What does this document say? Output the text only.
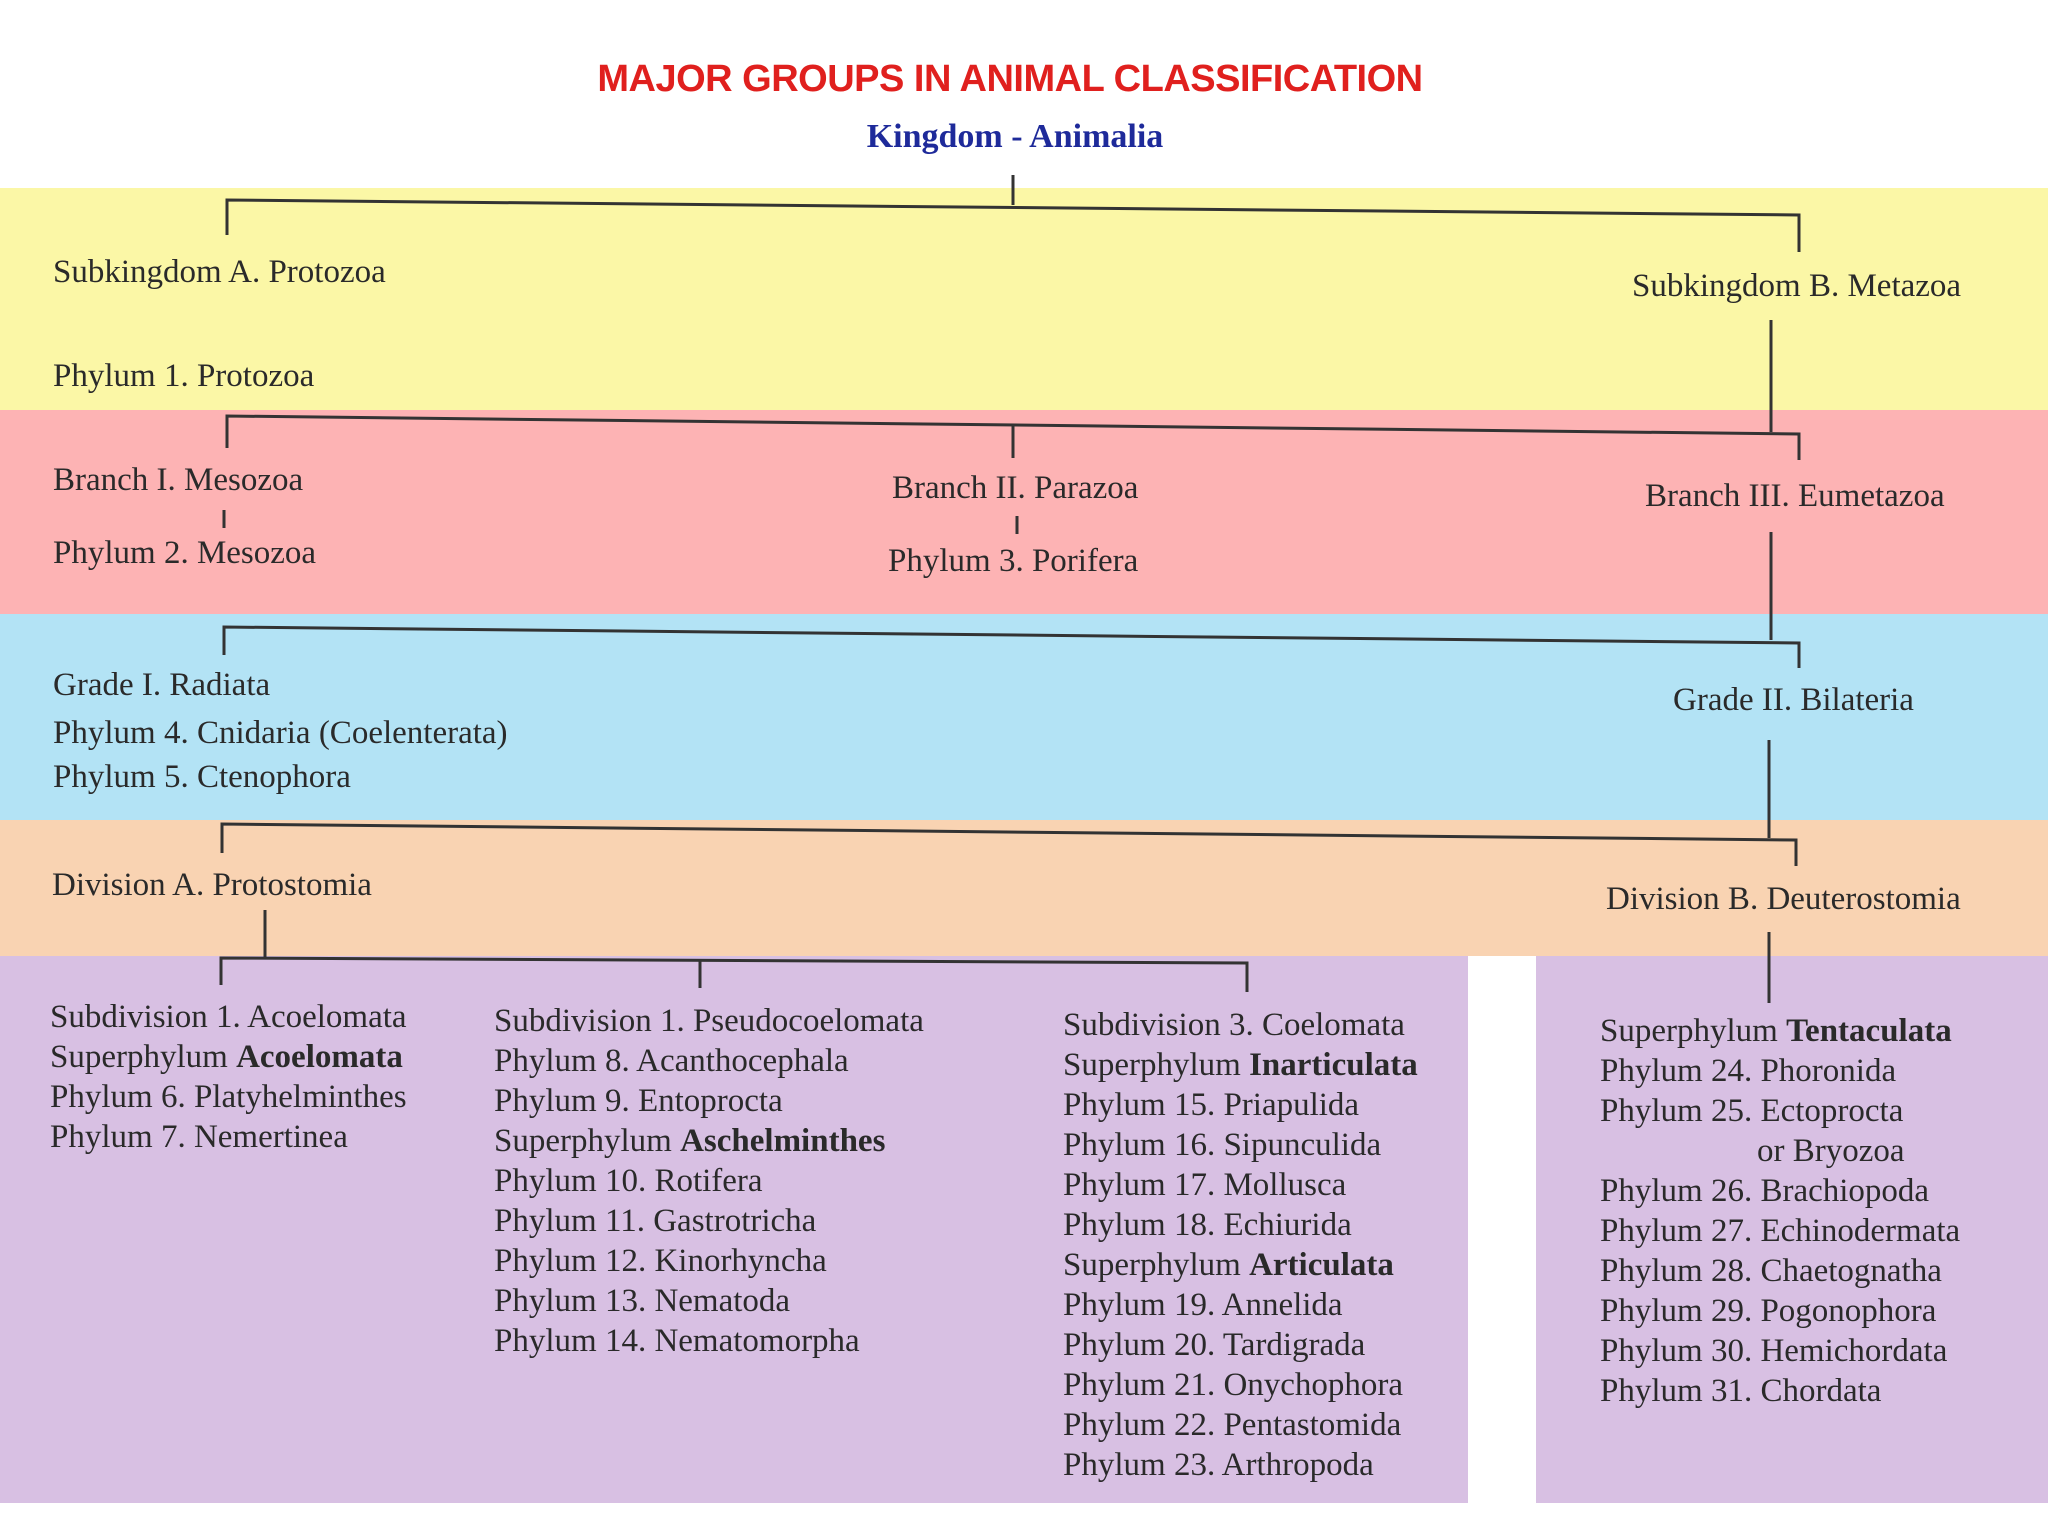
MAJOR GROUPS IN ANIMAL CLASSIFICATION
Kingdom - Animalia
Subkingdom A. Protozoa
Phylum 1. Protozoa
Subkingdom B. Metazoa
Branch I. Mesozoa
Phylum 2. Mesozoa
Branch II. Parazoa
Phylum 3. Porifera
Branch III. Eumetazoa
Grade I. Radiata
Phylum 4. Cnidaria (Coelenterata)
Phylum 5. Ctenophora
Grade II. Bilateria
Division A. Protostomia	Division B. Deuterostomia
Subdivision 1. Acoelomata
Superphylum Acoelomata
Phylum 6. Platyhelminthes
Phylum 7. Nemertinea
Subdivision 1. Pseudocoelomata
Phylum 8. Acanthocephala
Phylum 9. Entoprocta
Superphylum Aschelminthes
Phylum 10. Rotifera
Phylum 11. Gastrotricha
Phylum 12. Kinorhyncha
Phylum 13. Nematoda
Phylum 14. Nematomorpha
Subdivision 3. Coelomata
Superphylum Inarticulata
Phylum 15. Priapulida
Phylum 16. Sipunculida
Phylum 17. Mollusca
Phylum 18. Echiurida
Superphylum Articulata
Phylum 19. Annelida
Phylum 20. Tardigrada
Phylum 21. Onychophora
Phylum 22. Pentastomida
Phylum 23. Arthropoda
Superphylum Tentaculata
Phylum 24. Phoronida
Phylum 25. Ectoprocta
or Bryozoa
Phylum 26. Brachiopoda
Phylum 27. Echinodermata
Phylum 28. Chaetognatha
Phylum 29. Pogonophora
Phylum 30. Hemichordata
Phylum 31. Chordata
